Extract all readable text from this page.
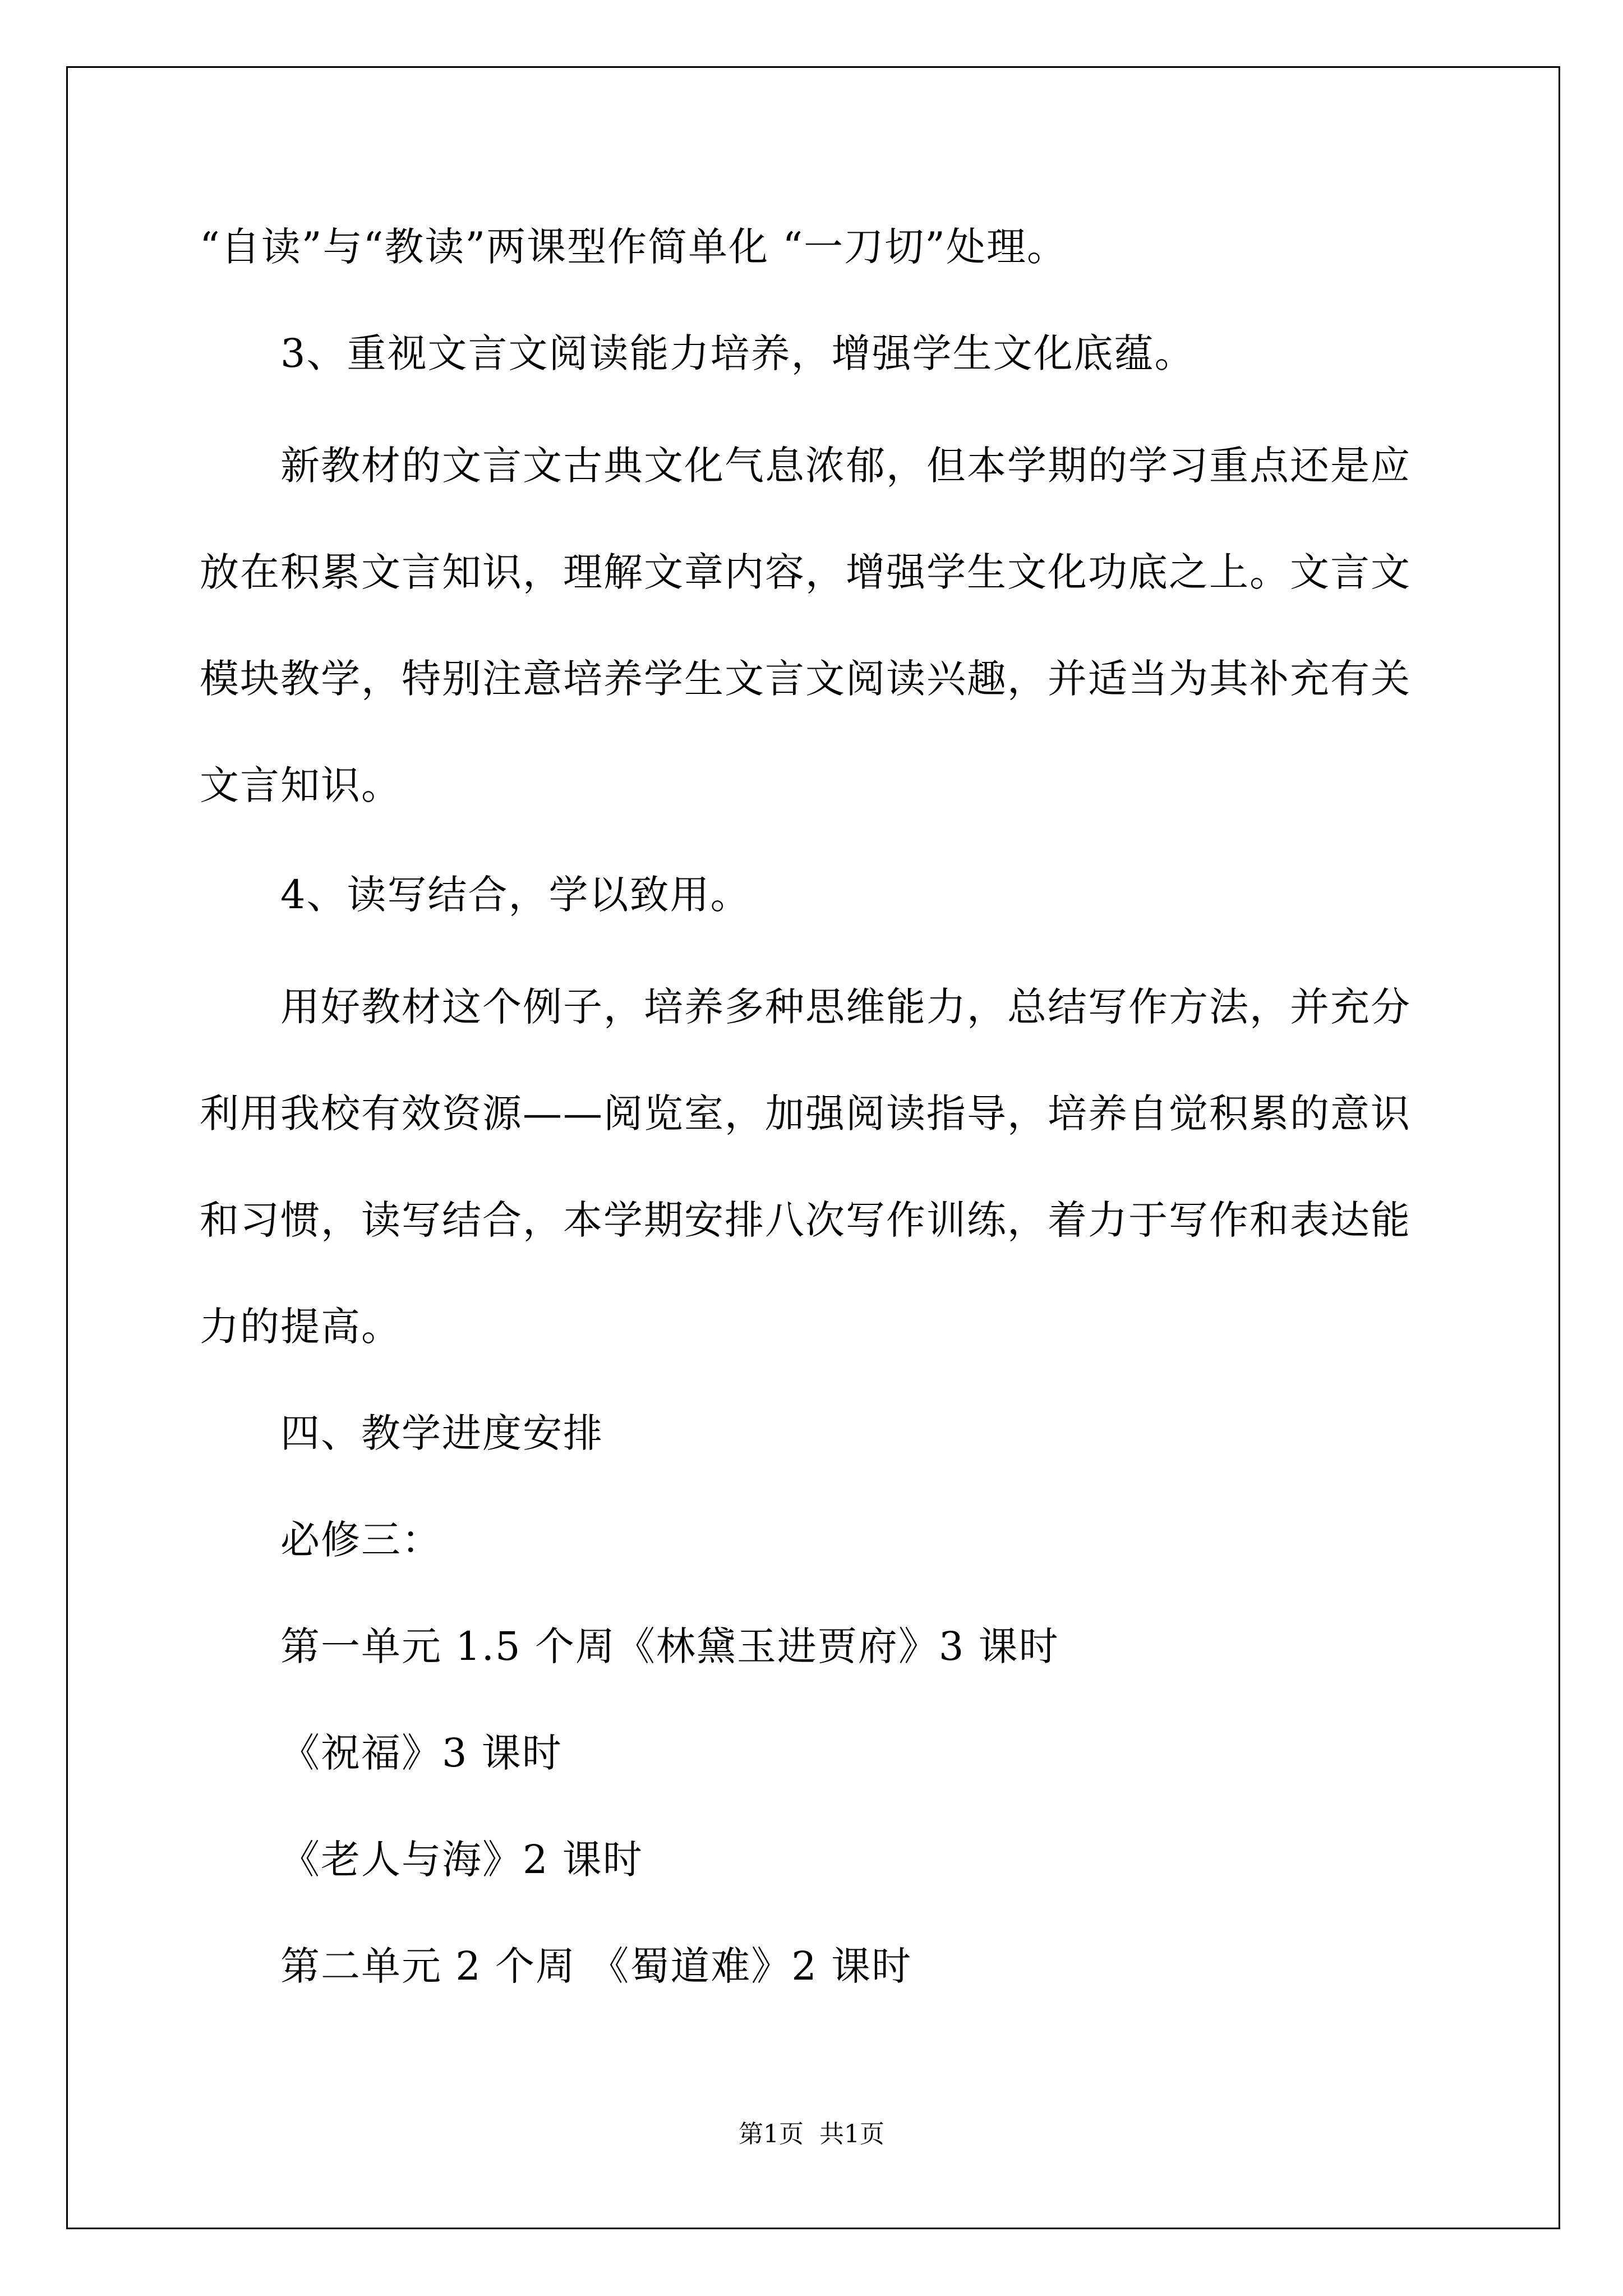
“自读”与“教读”两课型作简单化 “一刀切”处理。
3、重视文言文阅读能力培养，增强学生文化底蕴。
新教材的文言文古典文化气息浓郁，但本学期的学习重点还是应
放在积累文言知识，理解文章内容，增强学生文化功底之上。文言文
模块教学，特别注意培养学生文言文阅读兴趣，并适当为其补充有关
文言知识。
4、读写结合，学以致用。
用好教材这个例子，培养多种思维能力，总结写作方法，并充分
利用我校有效资源——阅览室，加强阅读指导，培养自觉积累的意识
和习惯，读写结合，本学期安排八次写作训练，着力于写作和表达能
力的提高。
四、教学进度安排
必修三：
第一单元 1.5 个周《林黛玉进贾府》3 课时
《祝福》3 课时
《老人与海》2 课时
第二单元 2 个周 《蜀道难》2 课时
第1页  共1页
